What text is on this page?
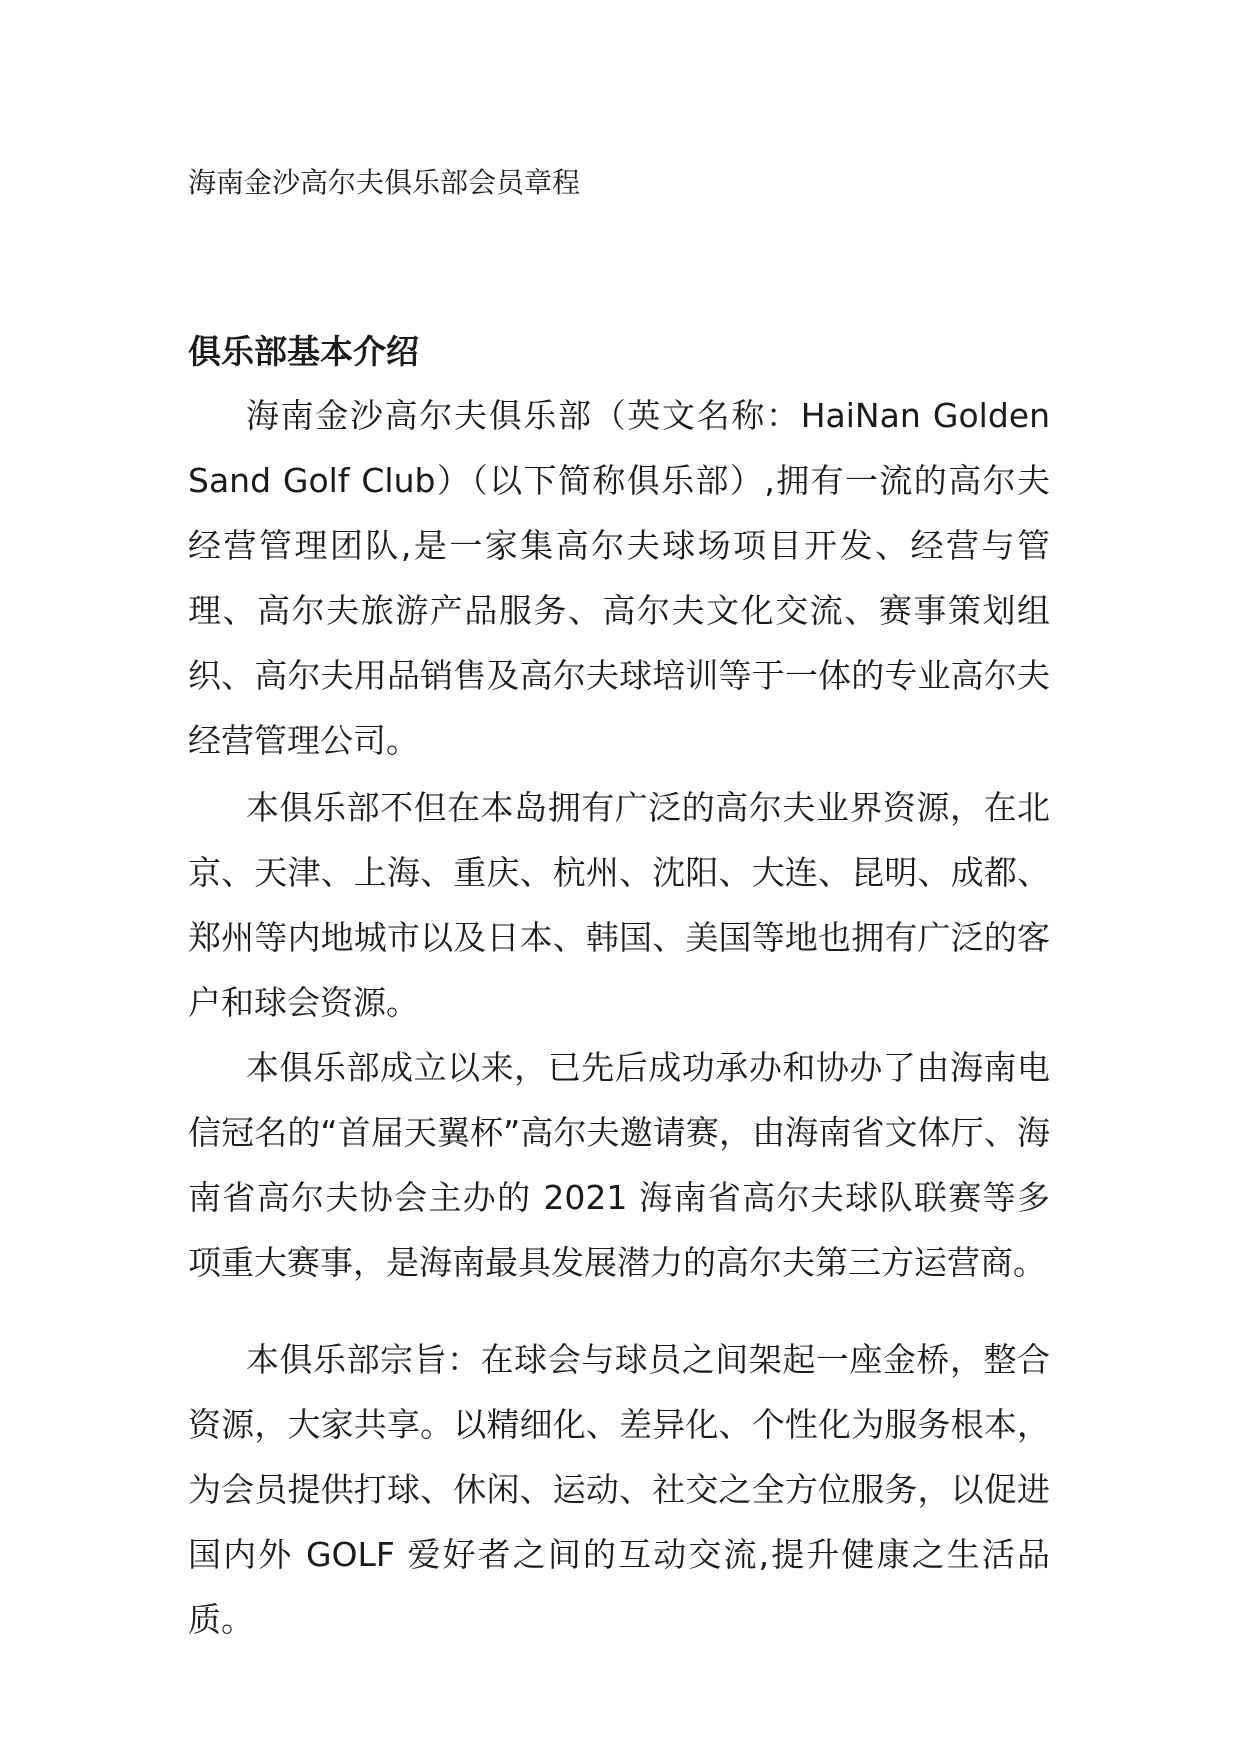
海南金沙高尔夫俱乐部会员章程
俱乐部基本介绍

海南金沙高尔夫俱乐部（英文名称：HaiNan Golden Sand Golf Club）（以下简称俱乐部）,拥有一流的高尔夫经营管理团队,是一家集高尔夫球场项目开发、经营与管理、高尔夫旅游产品服务、高尔夫文化交流、赛事策划组织、高尔夫用品销售及高尔夫球培训等于一体的专业高尔夫经营管理公司。

本俱乐部不但在本岛拥有广泛的高尔夫业界资源，在北京、天津、上海、重庆、杭州、沈阳、大连、昆明、成都、郑州等内地城市以及日本、韩国、美国等地也拥有广泛的客户和球会资源。

本俱乐部成立以来，已先后成功承办和协办了由海南电信冠名的“首届天翼杯”高尔夫邀请赛，由海南省文体厅、海南省高尔夫协会主办的 2021 海南省高尔夫球队联赛等多项重大赛事，是海南最具发展潜力的高尔夫第三方运营商。

本俱乐部宗旨：在球会与球员之间架起一座金桥，整合资源，大家共享。以精细化、差异化、个性化为服务根本，为会员提供打球、休闲、运动、社交之全方位服务，以促进国内外 GOLF 爱好者之间的互动交流,提升健康之生活品质。
